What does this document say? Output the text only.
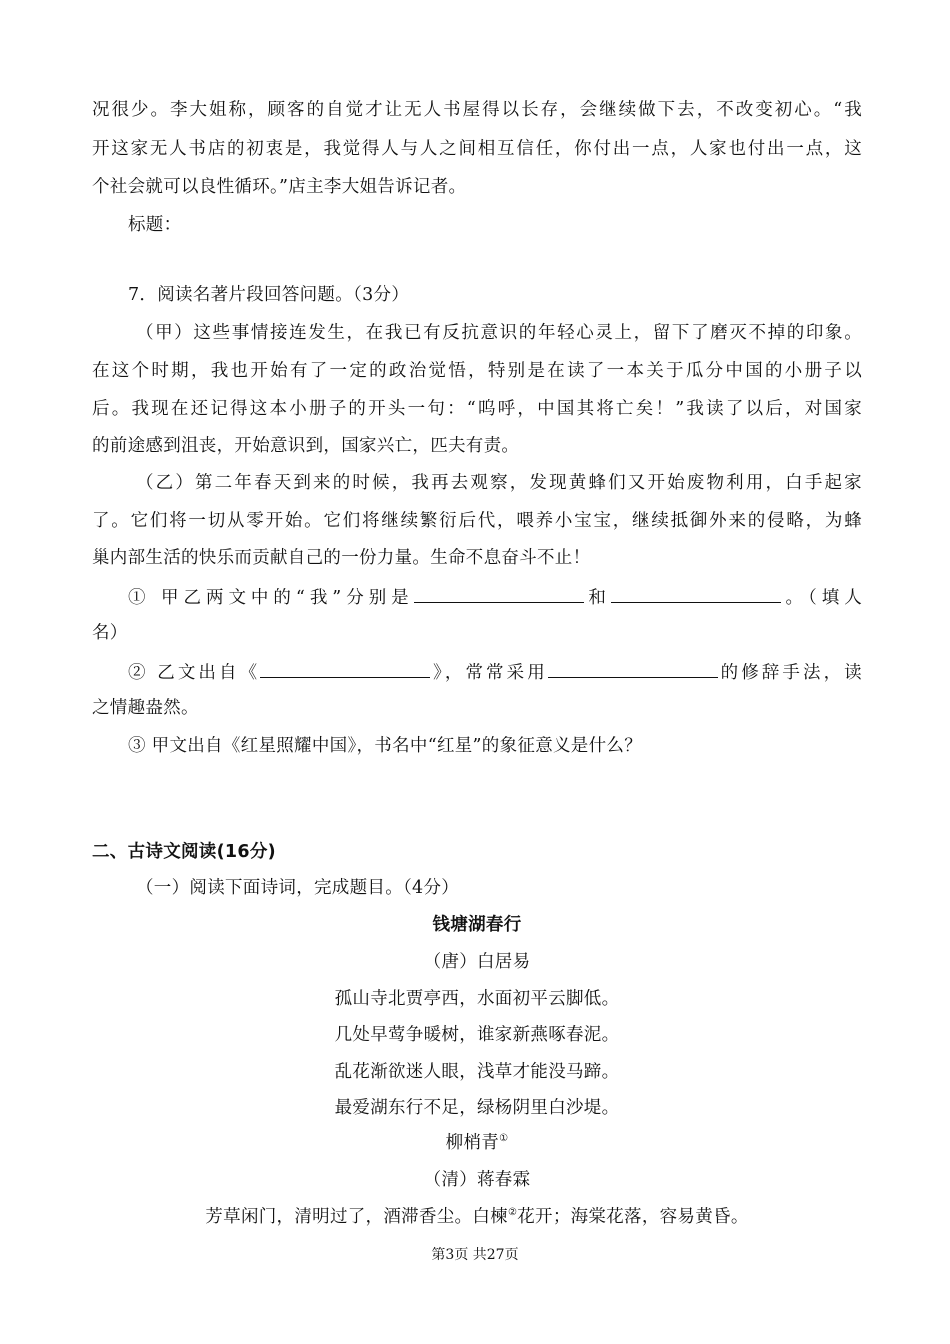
况很少。李大姐称，顾客的自觉才让无人书屋得以长存，会继续做下去，不改变初心。“我
开这家无人书店的初衷是，我觉得人与人之间相互信任，你付出一点，人家也付出一点，这
个社会就可以良性循环。”店主李大姐告诉记者。
标题：
7．阅读名著片段回答问题。（3分）
（甲）这些事情接连发生，在我已有反抗意识的年轻心灵上，留下了磨灭不掉的印象。
在这个时期，我也开始有了一定的政治觉悟，特别是在读了一本关于瓜分中国的小册子以
后。我现在还记得这本小册子的开头一句：“呜呼，中国其将亡矣！”我读了以后，对国家
的前途感到沮丧，开始意识到，国家兴亡，匹夫有责。
（乙）第二年春天到来的时候，我再去观察，发现黄蜂们又开始废物利用，白手起家
了。它们将一切从零开始。它们将继续繁衍后代，喂养小宝宝，继续抵御外来的侵略，为蜂
巢内部生活的快乐而贡献自己的一份力量。生命不息奋斗不止！
① 甲乙两文中的“我”分别是	和	。（填人
名）
② 乙文出自《	》，常常采用	的修辞手法，读
之情趣盎然。
③ 甲文出自《红星照耀中国》，书名中“红星”的象征意义是什么？
二、古诗文阅读(16分)
（一）阅读下面诗词，完成题目。（4分）
钱塘湖春行
（唐）白居易
孤山寺北贾亭西，水面初平云脚低。
几处早莺争暖树，谁家新燕啄春泥。
乱花渐欲迷人眼，浅草才能没马蹄。
最爱湖东行不足，绿杨阴里白沙堤。
柳梢青①
（清）蒋春霖
芳草闲门，清明过了，酒滞香尘。白楝②花开；海棠花落，容易黄昏。
第3页 共27页
